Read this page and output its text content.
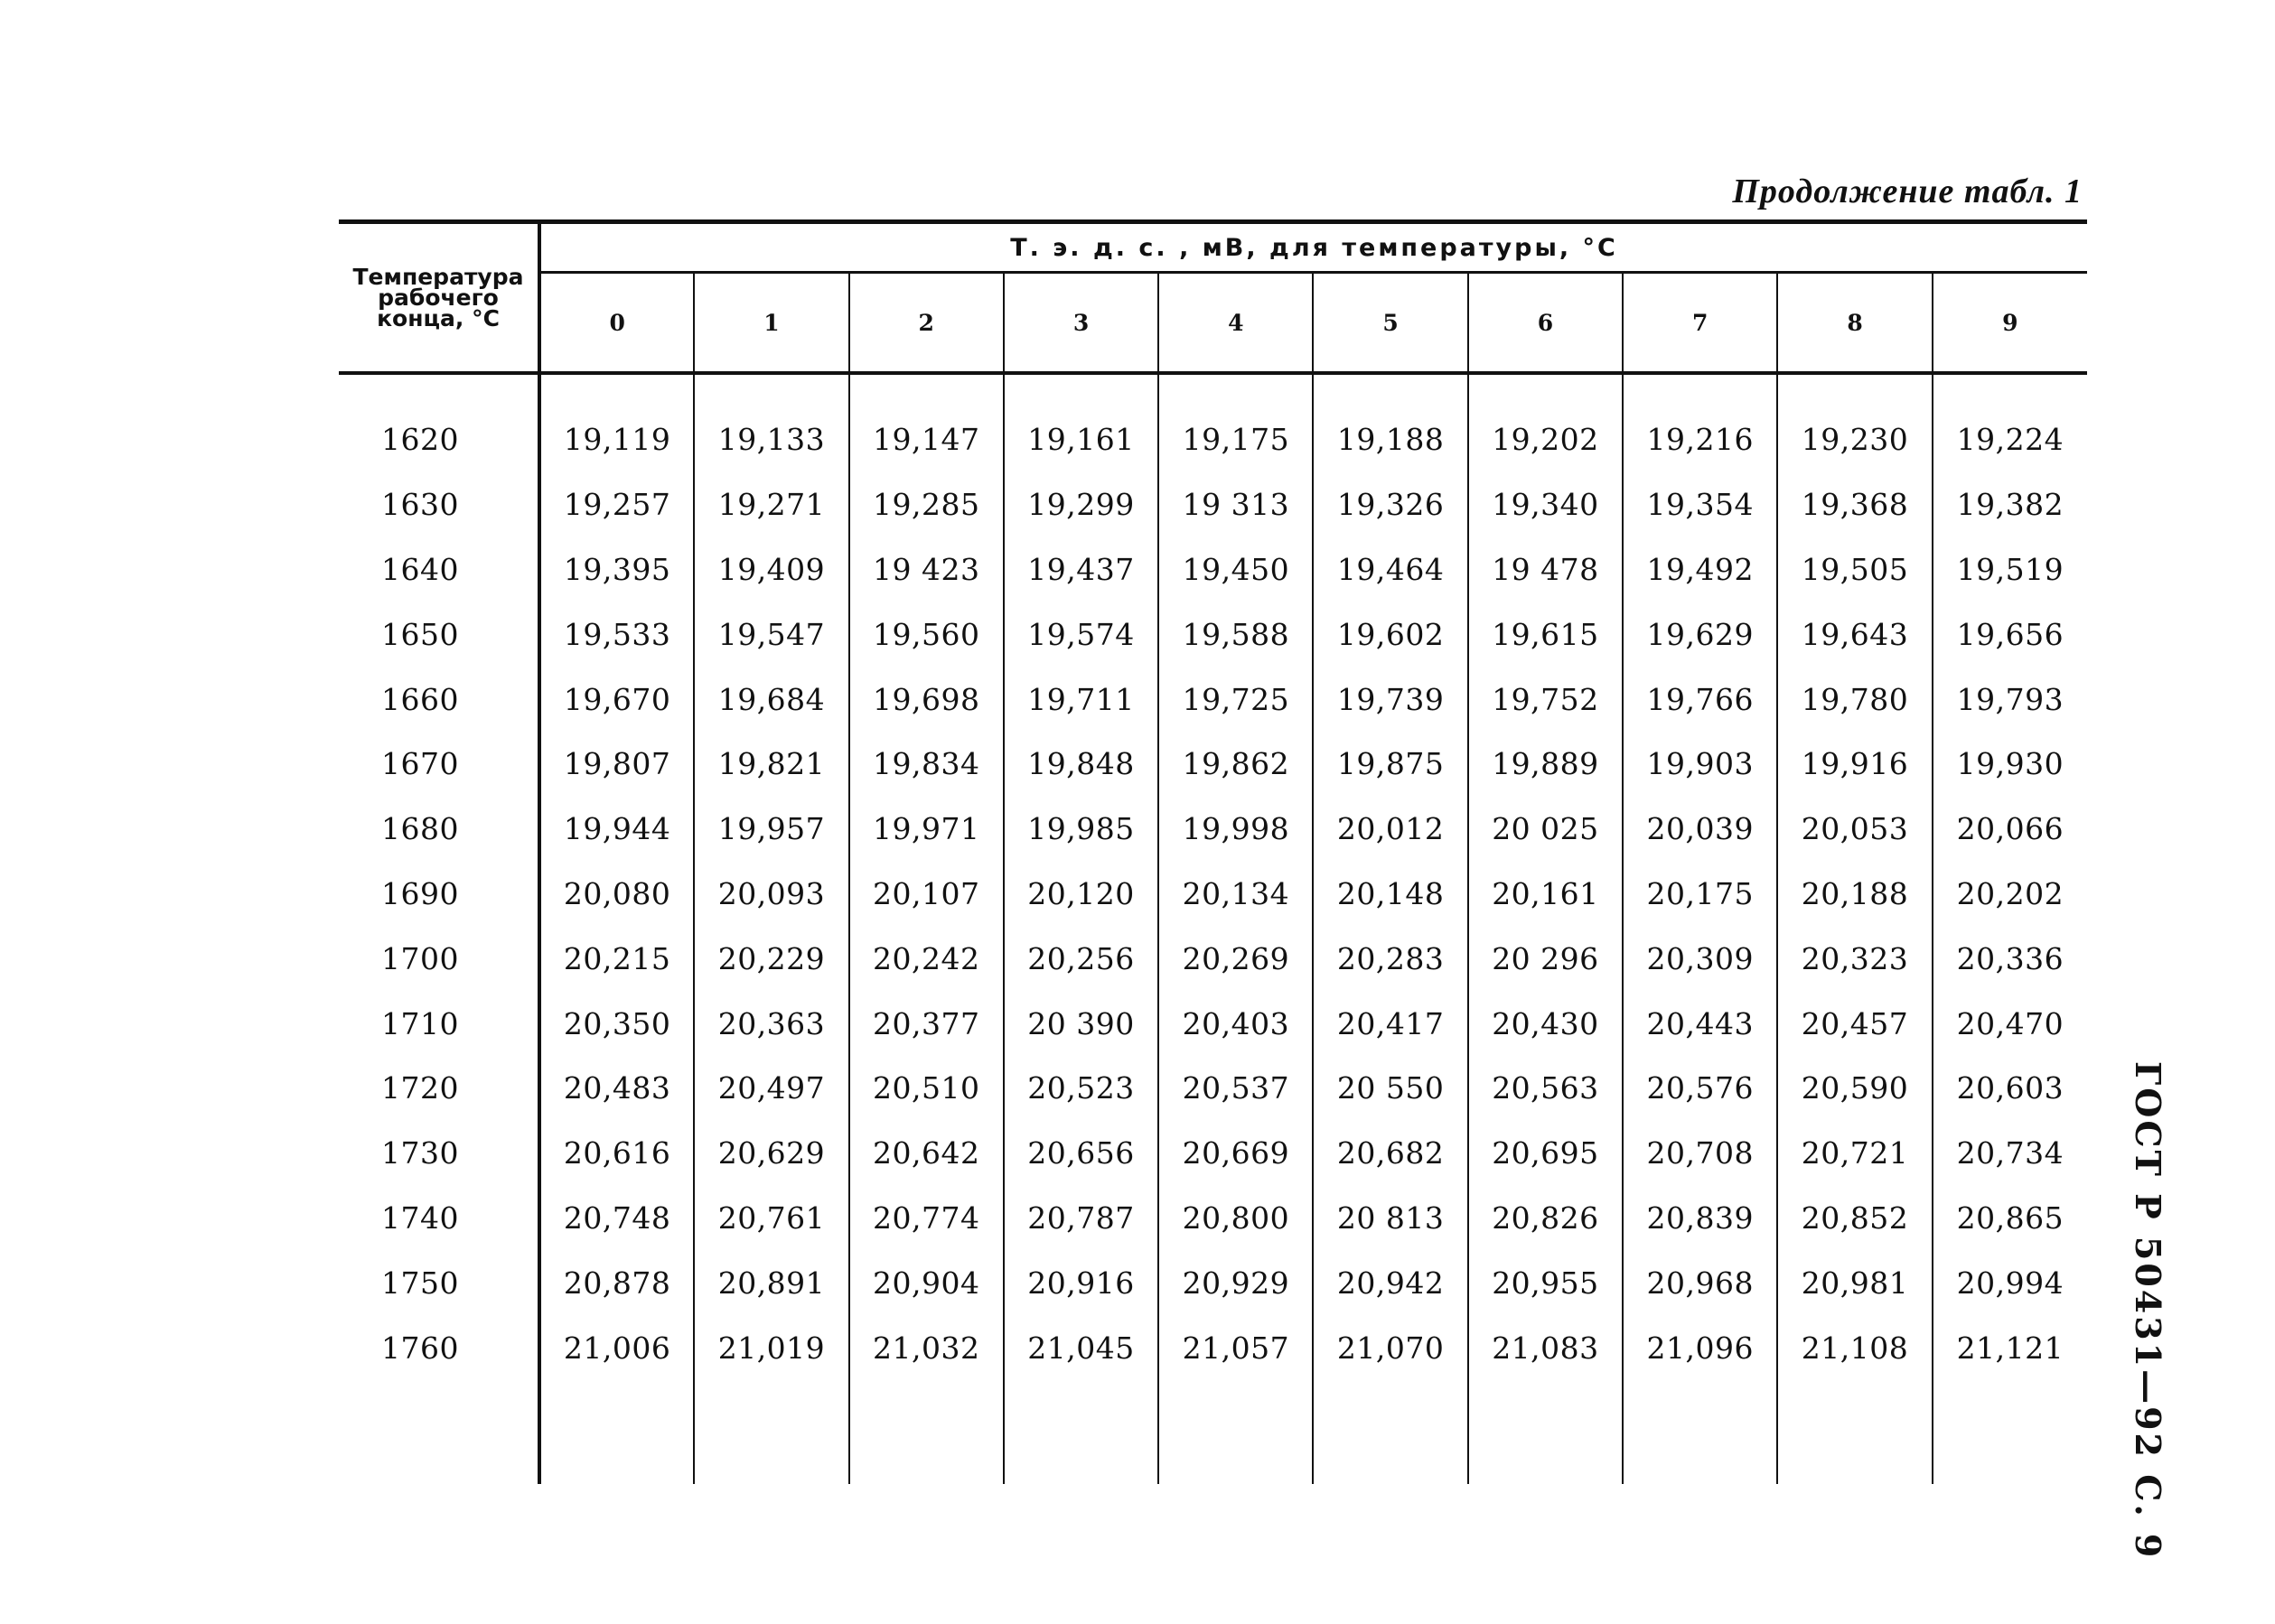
Продолжение табл. 1
ГОСТ Р 50431—92 С. 9
Температура рабочего конца, °С	Т. э. д. с. , мВ, для температуры, °С									
	0	1	2	3	4	5	6	7	8	9
1620	19,119	19,133	19,147	19,161	19,175	19,188	19,202	19,216	19,230	19,224
1630	19,257	19,271	19,285	19,299	19 313	19,326	19,340	19,354	19,368	19,382
1640	19,395	19,409	19 423	19,437	19,450	19,464	19 478	19,492	19,505	19,519
1650	19,533	19,547	19,560	19,574	19,588	19,602	19,615	19,629	19,643	19,656
1660	19,670	19,684	19,698	19,711	19,725	19,739	19,752	19,766	19,780	19,793
1670	19,807	19,821	19,834	19,848	19,862	19,875	19,889	19,903	19,916	19,930
1680	19,944	19,957	19,971	19,985	19,998	20,012	20 025	20,039	20,053	20,066
1690	20,080	20,093	20,107	20,120	20,134	20,148	20,161	20,175	20,188	20,202
1700	20,215	20,229	20,242	20,256	20,269	20,283	20 296	20,309	20,323	20,336
1710	20,350	20,363	20,377	20 390	20,403	20,417	20,430	20,443	20,457	20,470
1720	20,483	20,497	20,510	20,523	20,537	20 550	20,563	20,576	20,590	20,603
1730	20,616	20,629	20,642	20,656	20,669	20,682	20,695	20,708	20,721	20,734
1740	20,748	20,761	20,774	20,787	20,800	20 813	20,826	20,839	20,852	20,865
1750	20,878	20,891	20,904	20,916	20,929	20,942	20,955	20,968	20,981	20,994
1760	21,006	21,019	21,032	21,045	21,057	21,070	21,083	21,096	21,108	21,121
